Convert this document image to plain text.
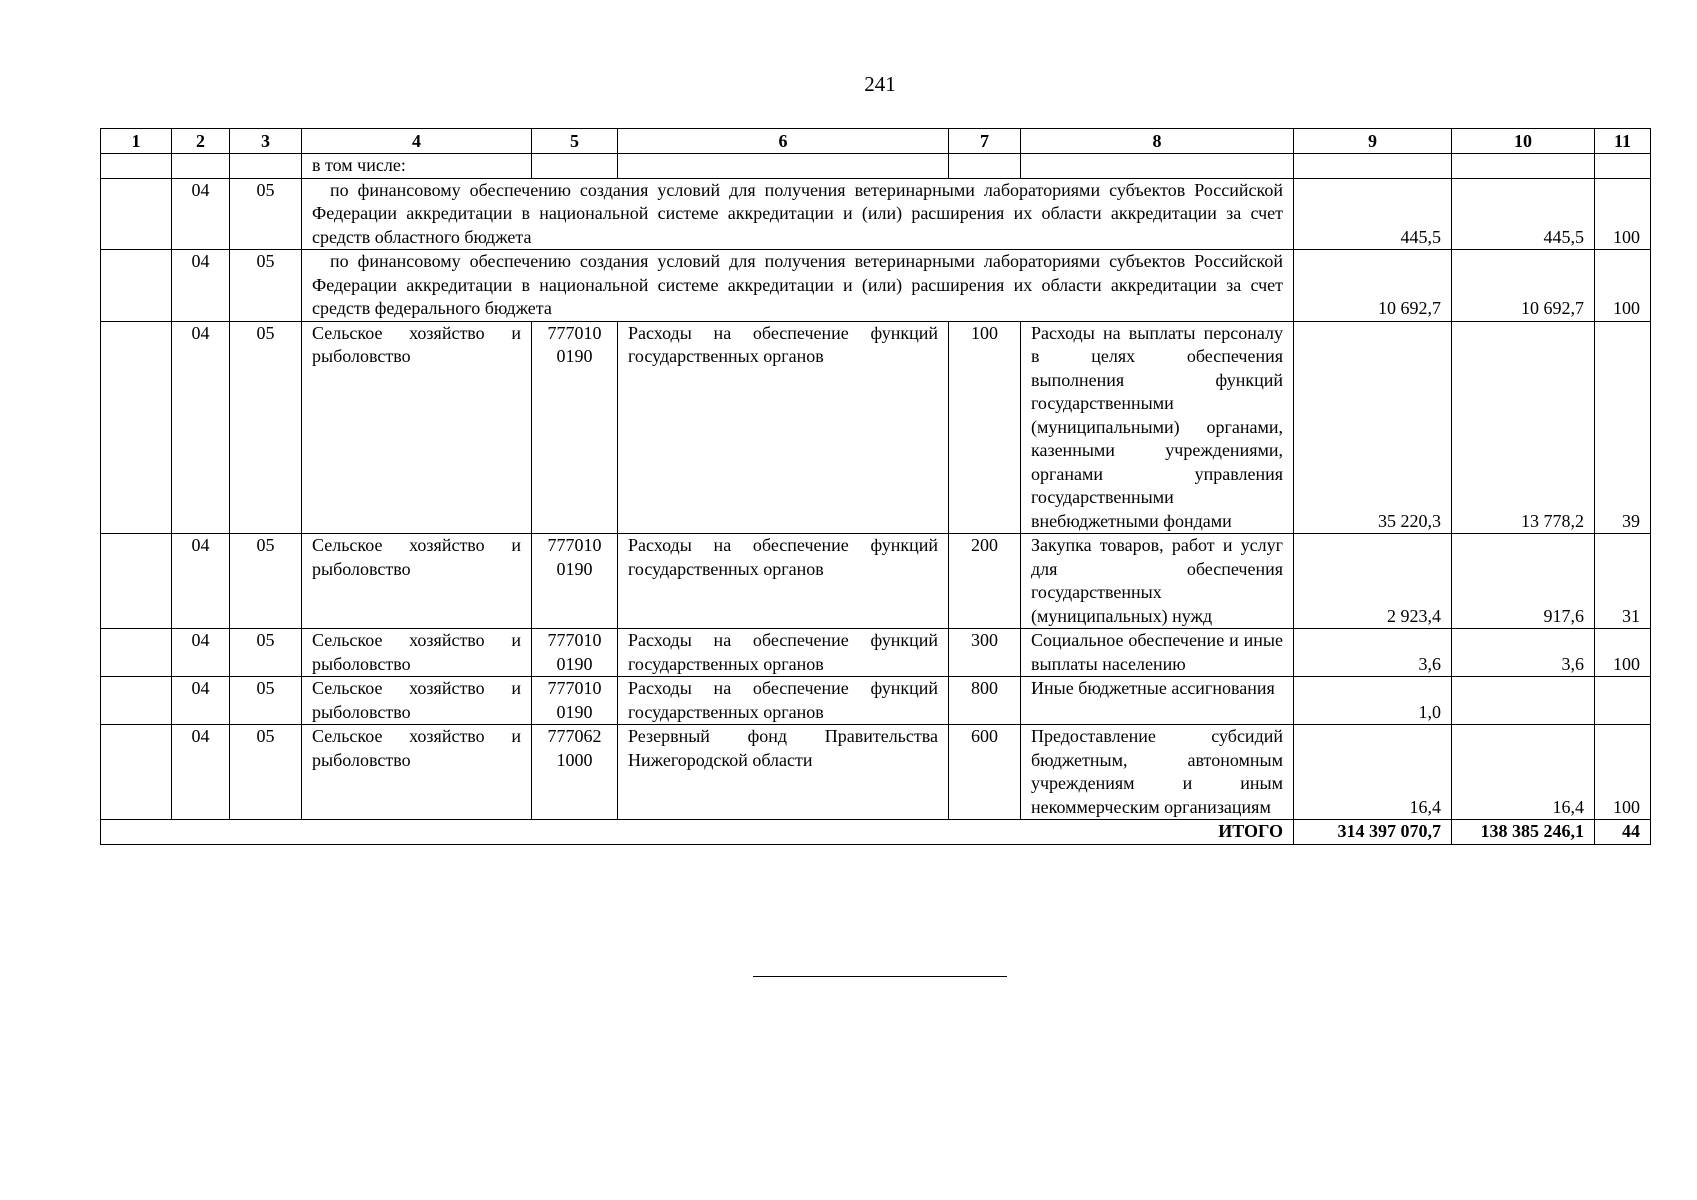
241
1	2	3	4	5	6	7	8	9	10	11
			в том числе:							
	04	05	по финансовому обеспечению создания условий для получения ветеринарными лабораториями субъектов Российской Федерации аккредитации в национальной системе аккредитации и (или) расширения их области аккредитации за счет средств областного бюджета					445,5	445,5	100
	04	05	по финансовому обеспечению создания условий для получения ветеринарными лабораториями субъектов Российской Федерации аккредитации в национальной системе аккредитации и (или) расширения их области аккредитации за счет средств федерального бюджета					10 692,7	10 692,7	100
	04	05	Сельское хозяйство и рыболовство	777010 0190	Расходы на обеспечение функций государственных органов	100	Расходы на выплаты персоналу в целях обеспечения выполнения функций государственными (муниципальными) органами, казенными учреждениями, органами управления государственными внебюджетными фондами	35 220,3	13 778,2	39
	04	05	Сельское хозяйство и рыболовство	777010 0190	Расходы на обеспечение функций государственных органов	200	Закупка товаров, работ и услуг для обеспечения государственных (муниципальных) нужд	2 923,4	917,6	31
	04	05	Сельское хозяйство и рыболовство	777010 0190	Расходы на обеспечение функций государственных органов	300	Социальное обеспечение и иные выплаты населению	3,6	3,6	100
	04	05	Сельское хозяйство и рыболовство	777010 0190	Расходы на обеспечение функций государственных органов	800	Иные бюджетные ассигнования	1,0		
	04	05	Сельское хозяйство и рыболовство	777062 1000	Резервный фонд Правительства Нижегородской области	600	Предоставление субсидий бюджетным, автономным учреждениям и иным некоммерческим организациям	16,4	16,4	100
ИТОГО								314 397 070,7	138 385 246,1	44
